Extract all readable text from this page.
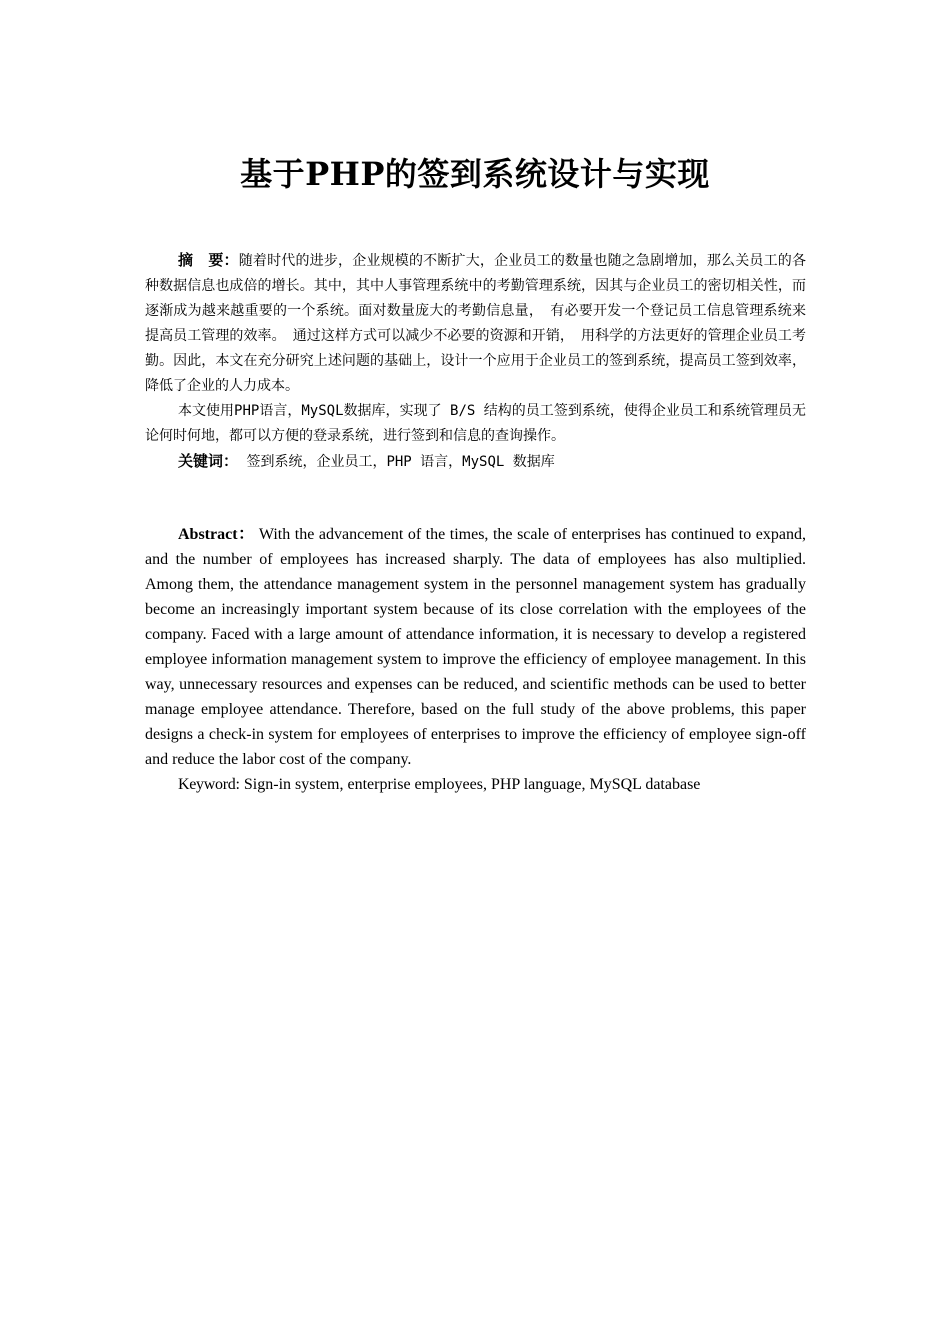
基于PHP的签到系统设计与实现

摘　要：随着时代的进步，企业规模的不断扩大，企业员工的数量也随之急剧增加，那么关员工的各种数据信息也成倍的增长。其中，其中人事管理系统中的考勤管理系统，因其与企业员工的密切相关性，而逐渐成为越来越重要的一个系统。面对数量庞大的考勤信息量，　有必要开发一个登记员工信息管理系统来提高员工管理的效率。　通过这样方式可以减少不必要的资源和开销，　用科学的方法更好的管理企业员工考勤。因此，本文在充分研究上述问题的基础上，设计一个应用于企业员工的签到系统，提高员工签到效率，降低了企业的人力成本。

本文使用PHP语言，MySQL数据库，实现了 B/S 结构的员工签到系统，使得企业员工和系统管理员无论何时何地，都可以方便的登录系统，进行签到和信息的查询操作。

关键词： 签到系统，企业员工，PHP 语言，MySQL 数据库

Abstract： With the advancement of the times, the scale of enterprises has continued to expand, and the number of employees has increased sharply. The data of employees has also multiplied. Among them, the attendance management system in the personnel management system has gradually become an increasingly important system because of its close correlation with the employees of the company. Faced with a large amount of attendance information, it is necessary to develop a registered employee information management system to improve the efficiency of employee management. In this way, unnecessary resources and expenses can be reduced, and scientific methods can be used to better manage employee attendance. Therefore, based on the full study of the above problems, this paper designs a check-in system for employees of enterprises to improve the efficiency of employee sign-off and reduce the labor cost of the company.

Keyword: Sign-in system, enterprise employees, PHP language, MySQL database
